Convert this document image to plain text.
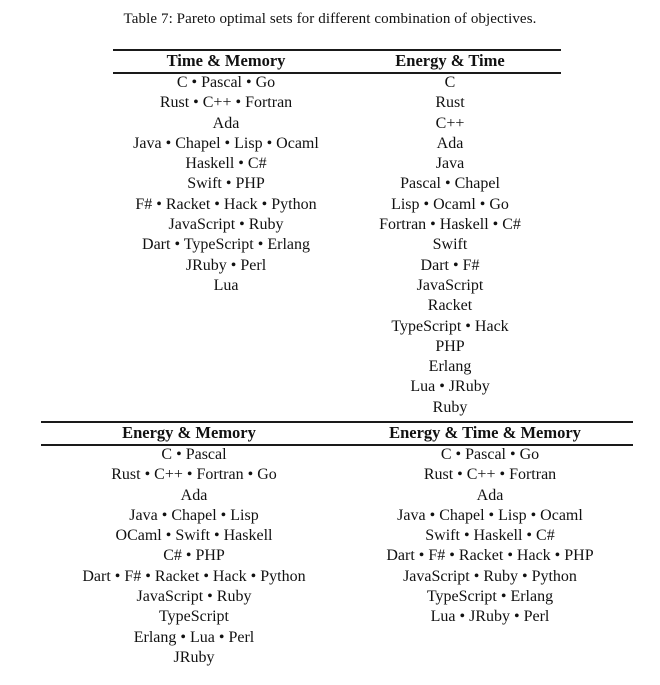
Table 7: Pareto optimal sets for different combination of objectives.
Time & Memory	Energy & Time
C • Pascal • Go
Rust • C++ • Fortran
Ada
Java • Chapel • Lisp • Ocaml
Haskell • C#
Swift • PHP
F# • Racket • Hack • Python
JavaScript • Ruby
Dart • TypeScript • Erlang
JRuby • Perl
Lua
C
Rust
C++
Ada
Java
Pascal • Chapel
Lisp • Ocaml • Go
Fortran • Haskell • C#
Swift
Dart • F#
JavaScript
Racket
TypeScript • Hack
PHP
Erlang
Lua • JRuby
Ruby
Energy & Memory	Energy & Time & Memory
C • Pascal
Rust • C++ • Fortran • Go
Ada
Java • Chapel • Lisp
OCaml • Swift • Haskell
C# • PHP
Dart • F# • Racket • Hack • Python
JavaScript • Ruby
TypeScript
Erlang • Lua • Perl
JRuby
C • Pascal • Go
Rust • C++ • Fortran
Ada
Java • Chapel • Lisp • Ocaml
Swift • Haskell • C#
Dart • F# • Racket • Hack • PHP
JavaScript • Ruby • Python
TypeScript • Erlang
Lua • JRuby • Perl
